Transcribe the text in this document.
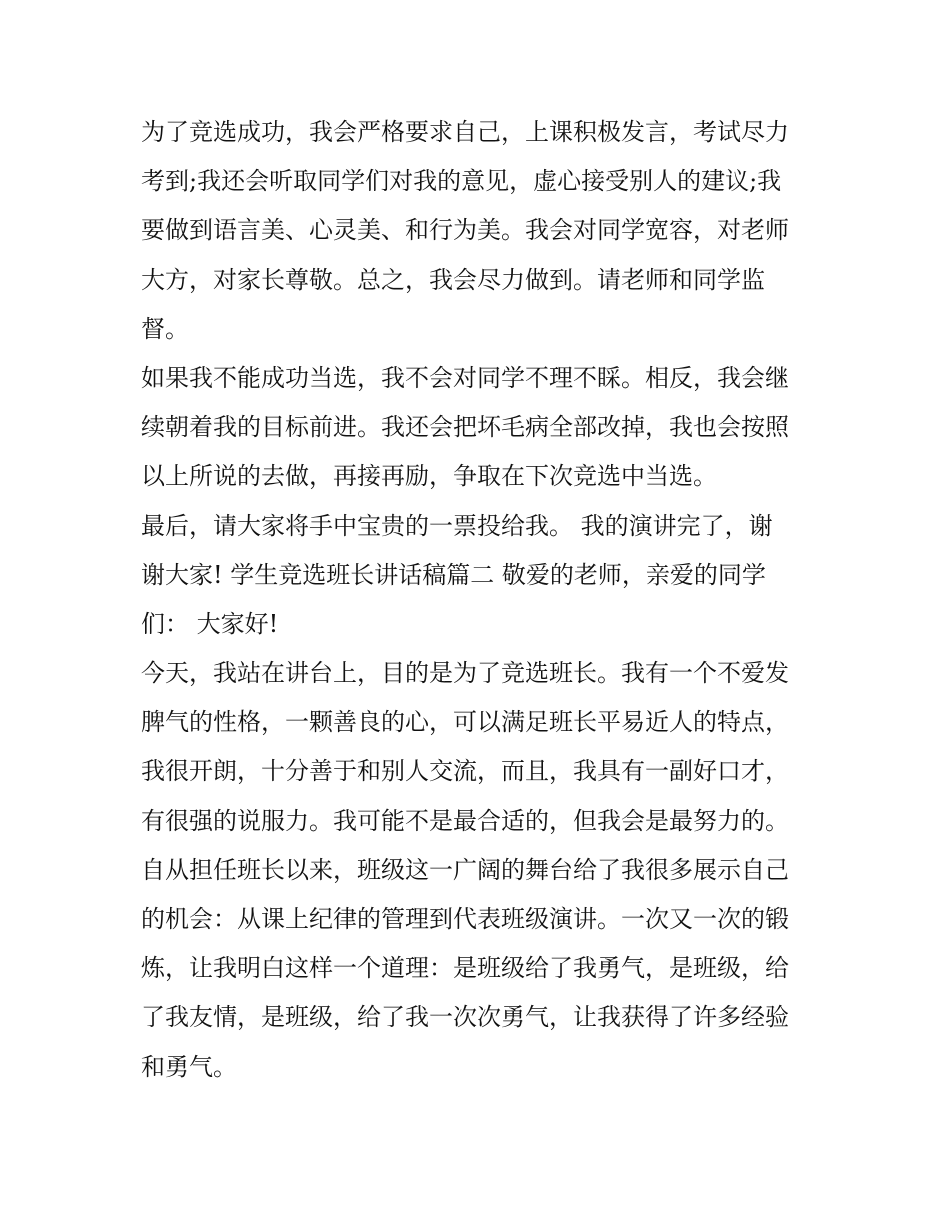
为了竞选成功，我会严格要求自己，上课积极发言，考试尽力
考到;我还会听取同学们对我的意见，虚心接受别人的建议;我
要做到语言美、心灵美、和行为美。我会对同学宽容，对老师
大方，对家长尊敬。总之，我会尽力做到。请老师和同学监
督。
如果我不能成功当选，我不会对同学不理不睬。相反，我会继
续朝着我的目标前进。我还会把坏毛病全部改掉，我也会按照
以上所说的去做，再接再励，争取在下次竞选中当选。
最后，请大家将手中宝贵的一票投给我。 我的演讲完了，谢
谢大家! 学生竞选班长讲话稿篇二 敬爱的老师，亲爱的同学
们： 大家好!
今天，我站在讲台上，目的是为了竞选班长。我有一个不爱发
脾气的性格，一颗善良的心，可以满足班长平易近人的特点，
我很开朗，十分善于和别人交流，而且，我具有一副好口才，
有很强的说服力。我可能不是最合适的，但我会是最努力的。
自从担任班长以来，班级这一广阔的舞台给了我很多展示自己
的机会：从课上纪律的管理到代表班级演讲。一次又一次的锻
炼，让我明白这样一个道理：是班级给了我勇气，是班级，给
了我友情，是班级，给了我一次次勇气，让我获得了许多经验
和勇气。
